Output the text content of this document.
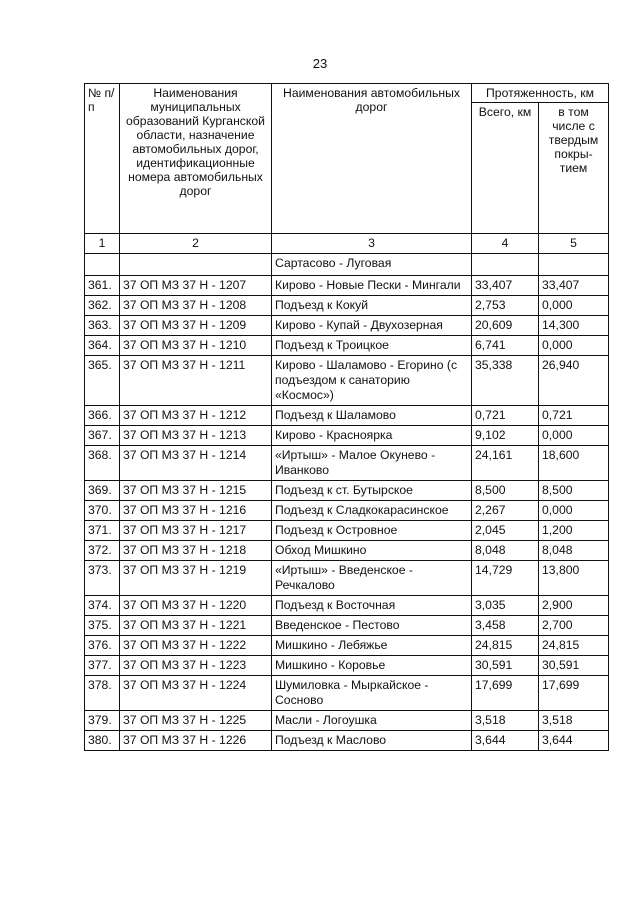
23
№ п/п	Наименования муниципальных образований Курганской области, назначение автомобильных дорог, идентификационные номера автомобильных дорог	Наименования автомобильных дорог	Протяженность, км	
			Всего, км	в том числе с твердым покры-тием
1	2	3	4	5
		Сартасово - Луговая		
361.	37 ОП МЗ 37 Н - 1207	Кирово - Новые Пески - Мингали	33,407	33,407
362.	37 ОП МЗ 37 Н - 1208	Подъезд к Кокуй	2,753	0,000
363.	37 ОП МЗ 37 Н - 1209	Кирово - Купай - Двухозерная	20,609	14,300
364.	37 ОП МЗ 37 Н - 1210	Подъезд к Троицкое	6,741	0,000
365.	37 ОП МЗ 37 Н - 1211	Кирово - Шаламово - Егорино (с подъездом к санаторию «Космос»)	35,338	26,940
366.	37 ОП МЗ 37 Н - 1212	Подъезд к Шаламово	0,721	0,721
367.	37 ОП МЗ 37 Н - 1213	Кирово - Красноярка	9,102	0,000
368.	37 ОП МЗ 37 Н - 1214	«Иртыш» - Малое Окунево - Иванково	24,161	18,600
369.	37 ОП МЗ 37 Н - 1215	Подъезд к ст. Бутырское	8,500	8,500
370.	37 ОП МЗ 37 Н - 1216	Подъезд к Сладкокарасинское	2,267	0,000
371.	37 ОП МЗ 37 Н - 1217	Подъезд к Островное	2,045	1,200
372.	37 ОП МЗ 37 Н - 1218	Обход Мишкино	8,048	8,048
373.	37 ОП МЗ 37 Н - 1219	«Иртыш» - Введенское - Речкалово	14,729	13,800
374.	37 ОП МЗ 37 Н - 1220	Подъезд к Восточная	3,035	2,900
375.	37 ОП МЗ 37 Н - 1221	Введенское - Пестово	3,458	2,700
376.	37 ОП МЗ 37 Н - 1222	Мишкино - Лебяжье	24,815	24,815
377.	37 ОП МЗ 37 Н - 1223	Мишкино - Коровье	30,591	30,591
378.	37 ОП МЗ 37 Н - 1224	Шумиловка - Мыркайское - Сосново	17,699	17,699
379.	37 ОП МЗ 37 Н - 1225	Масли - Логоушка	3,518	3,518
380.	37 ОП МЗ 37 Н - 1226	Подъезд к Маслово	3,644	3,644
